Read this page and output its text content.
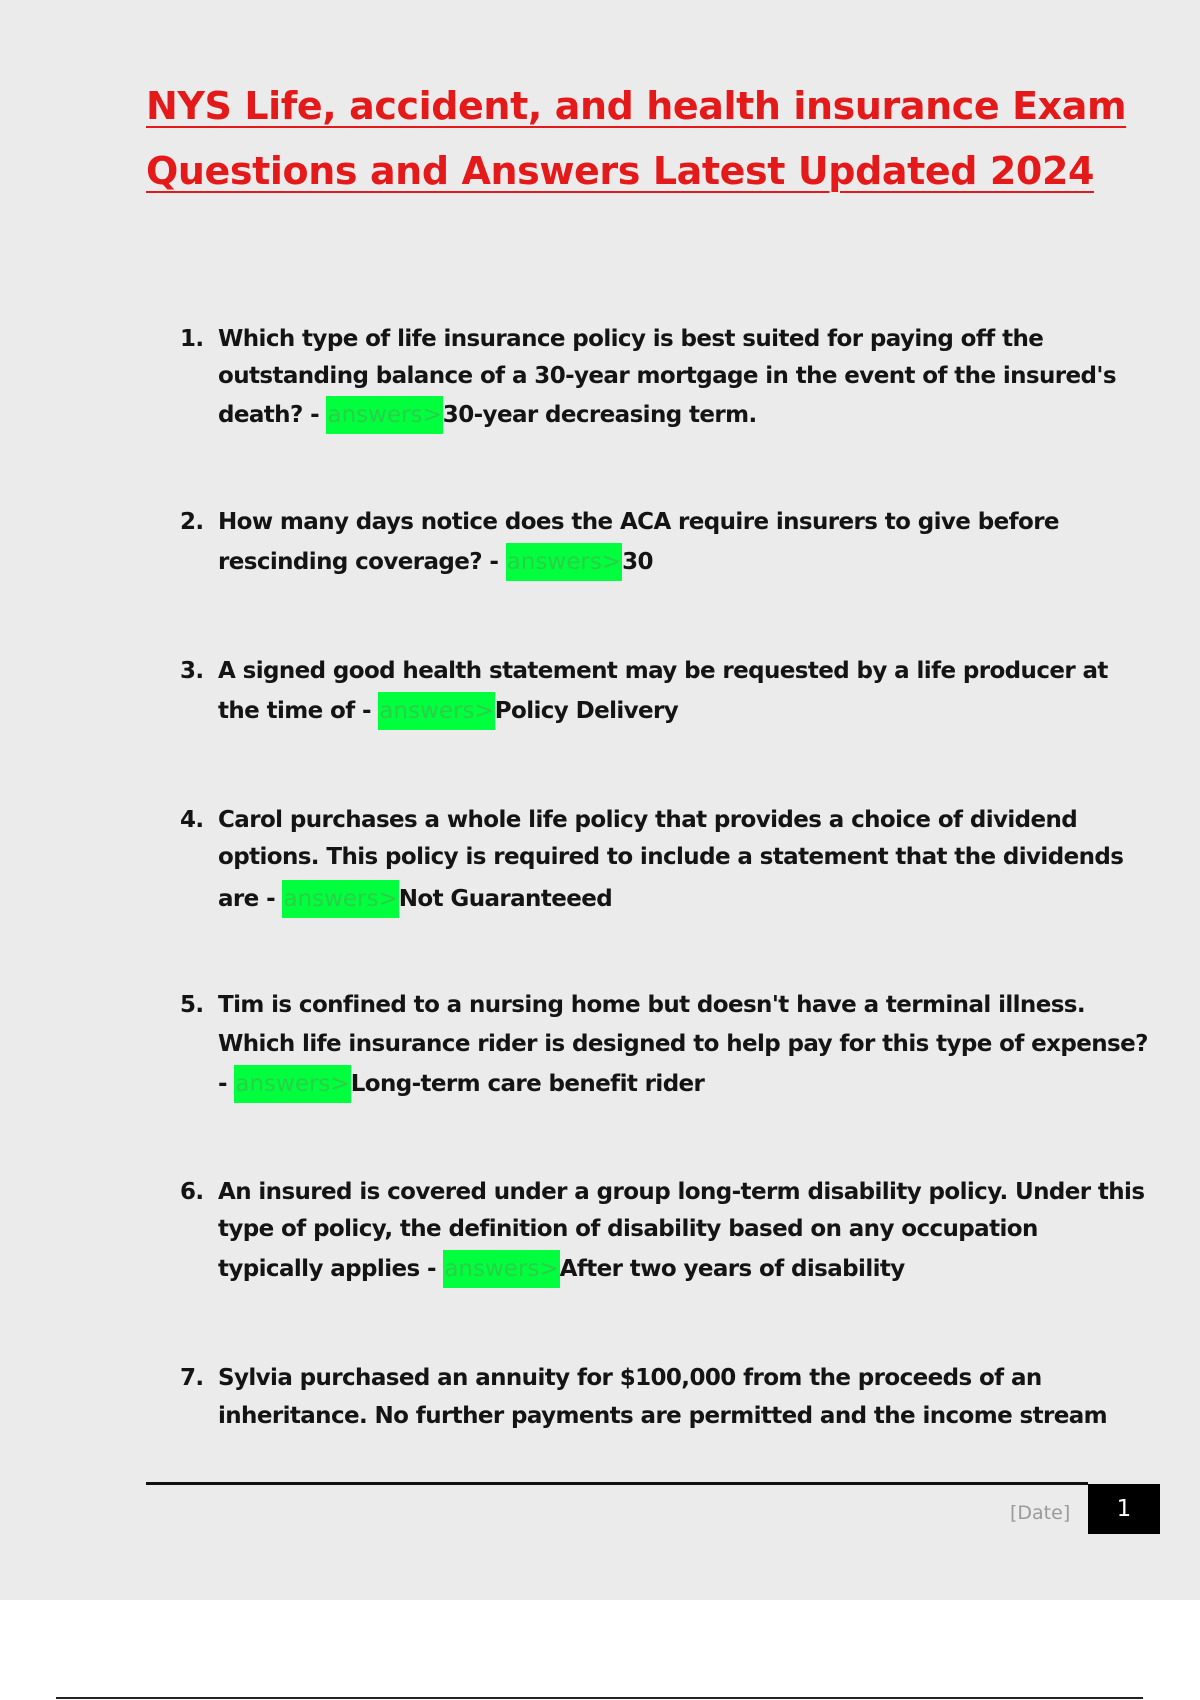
NYS Life, accident, and health insurance Exam
Questions and Answers Latest Updated 2024
1. Which type of life insurance policy is best suited for paying off the
outstanding balance of a 30-year mortgage in the event of the insured's
death? - answers>30-year decreasing term.
2. How many days notice does the ACA require insurers to give before
rescinding coverage? - answers>30
3. A signed good health statement may be requested by a life producer at
the time of - answers>Policy Delivery
4. Carol purchases a whole life policy that provides a choice of dividend
options. This policy is required to include a statement that the dividends
are - answers>Not Guaranteeed
5. Tim is confined to a nursing home but doesn't have a terminal illness.
Which life insurance rider is designed to help pay for this type of expense?
- answers>Long-term care benefit rider
6. An insured is covered under a group long-term disability policy. Under this
type of policy, the definition of disability based on any occupation
typically applies - answers>After two years of disability
7. Sylvia purchased an annuity for $100,000 from the proceeds of an
inheritance. No further payments are permitted and the income stream
[Date] 1
